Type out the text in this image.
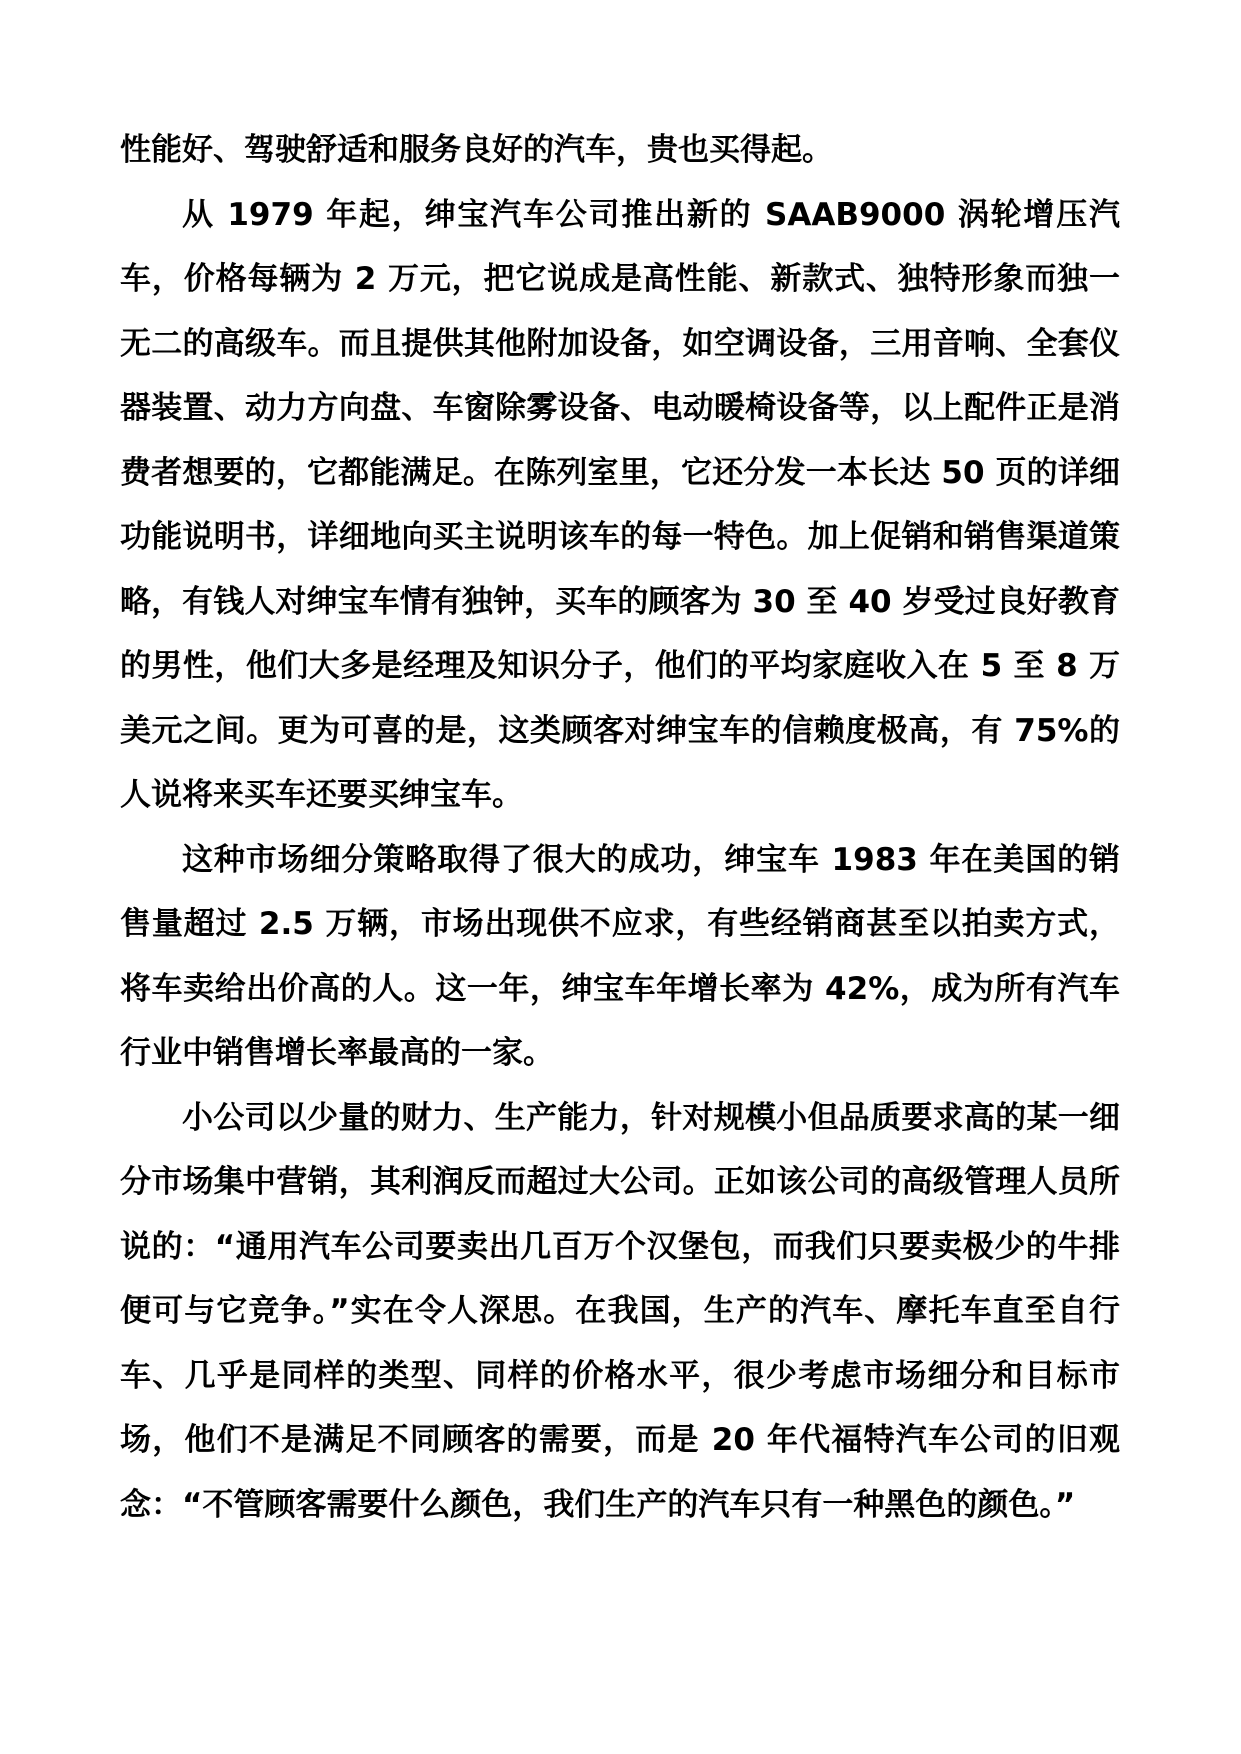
性能好、驾驶舒适和服务良好的汽车，贵也买得起。

从 1979 年起，绅宝汽车公司推出新的 SAAB9000 涡轮增压汽车，价格每辆为 2 万元，把它说成是高性能、新款式、独特形象而独一无二的高级车。而且提供其他附加设备，如空调设备，三用音响、全套仪器装置、动力方向盘、车窗除雾设备、电动暖椅设备等，以上配件正是消费者想要的，它都能满足。在陈列室里，它还分发一本长达 50 页的详细功能说明书，详细地向买主说明该车的每一特色。加上促销和销售渠道策略，有钱人对绅宝车情有独钟，买车的顾客为 30 至 40 岁受过良好教育的男性，他们大多是经理及知识分子，他们的平均家庭收入在 5 至 8 万美元之间。更为可喜的是，这类顾客对绅宝车的信赖度极高，有 75%的人说将来买车还要买绅宝车。

这种市场细分策略取得了很大的成功，绅宝车 1983 年在美国的销售量超过 2.5 万辆，市场出现供不应求，有些经销商甚至以拍卖方式，将车卖给出价高的人。这一年，绅宝车年增长率为 42%，成为所有汽车行业中销售增长率最高的一家。

小公司以少量的财力、生产能力，针对规模小但品质要求高的某一细分市场集中营销，其利润反而超过大公司。正如该公司的高级管理人员所说的：“通用汽车公司要卖出几百万个汉堡包，而我们只要卖极少的牛排便可与它竞争。”实在令人深思。在我国，生产的汽车、摩托车直至自行车、几乎是同样的类型、同样的价格水平，很少考虑市场细分和目标市场，他们不是满足不同顾客的需要，而是 20 年代福特汽车公司的旧观念：“不管顾客需要什么颜色，我们生产的汽车只有一种黑色的颜色。”
